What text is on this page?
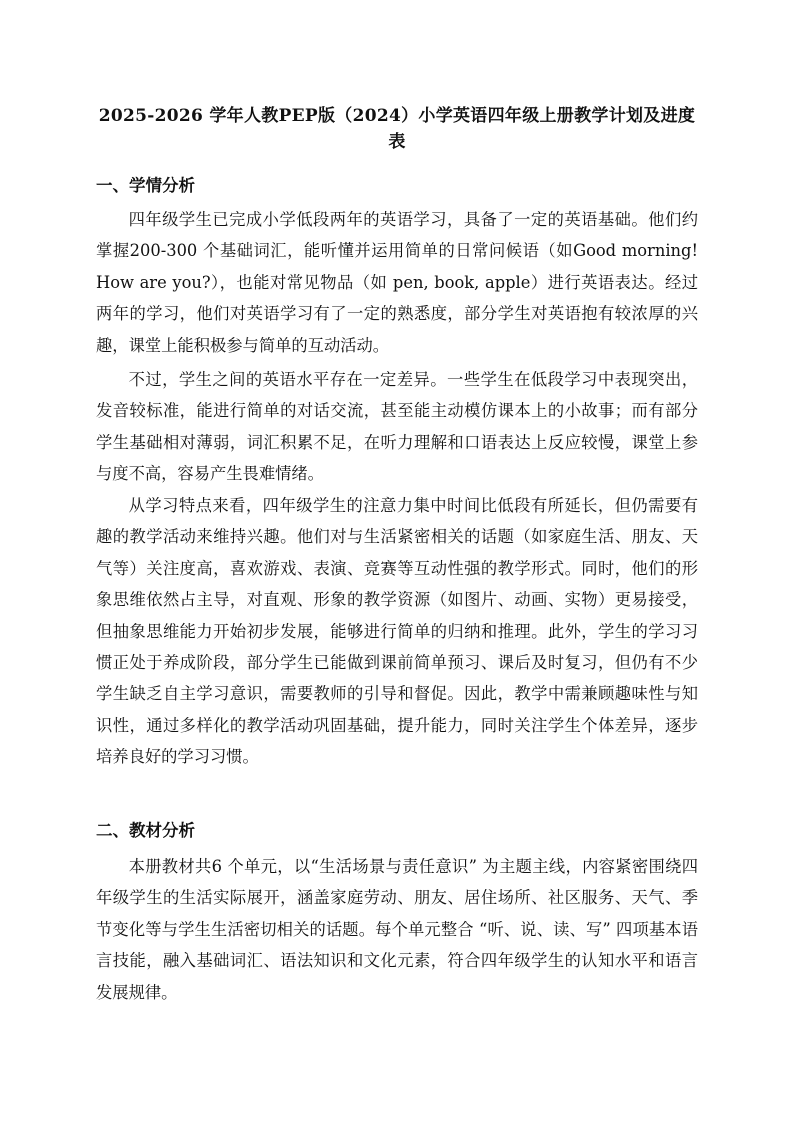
2025-2026 学年人教PEP版（2024）小学英语四年级上册教学计划及进度表
一、学情分析
四年级学生已完成小学低段两年的英语学习，具备了一定的英语基础。他们约掌握200-300 个基础词汇，能听懂并运用简单的日常问候语（如Good morning! How are you?），也能对常见物品（如 pen, book, apple）进行英语表达。经过两年的学习，他们对英语学习有了一定的熟悉度，部分学生对英语抱有较浓厚的兴趣，课堂上能积极参与简单的互动活动。
不过，学生之间的英语水平存在一定差异。一些学生在低段学习中表现突出，发音较标准，能进行简单的对话交流，甚至能主动模仿课本上的小故事；而有部分学生基础相对薄弱，词汇积累不足，在听力理解和口语表达上反应较慢，课堂上参与度不高，容易产生畏难情绪。
从学习特点来看，四年级学生的注意力集中时间比低段有所延长，但仍需要有趣的教学活动来维持兴趣。他们对与生活紧密相关的话题（如家庭生活、朋友、天气等）关注度高，喜欢游戏、表演、竞赛等互动性强的教学形式。同时，他们的形象思维依然占主导，对直观、形象的教学资源（如图片、动画、实物）更易接受，但抽象思维能力开始初步发展，能够进行简单的归纳和推理。此外，学生的学习习惯正处于养成阶段，部分学生已能做到课前简单预习、课后及时复习，但仍有不少学生缺乏自主学习意识，需要教师的引导和督促。因此，教学中需兼顾趣味性与知识性，通过多样化的教学活动巩固基础，提升能力，同时关注学生个体差异，逐步培养良好的学习习惯。
二、教材分析
本册教材共6 个单元，以“生活场景与责任意识” 为主题主线，内容紧密围绕四年级学生的生活实际展开，涵盖家庭劳动、朋友、居住场所、社区服务、天气、季节变化等与学生生活密切相关的话题。每个单元整合 “听、说、读、写” 四项基本语言技能，融入基础词汇、语法知识和文化元素，符合四年级学生的认知水平和语言发展规律。
